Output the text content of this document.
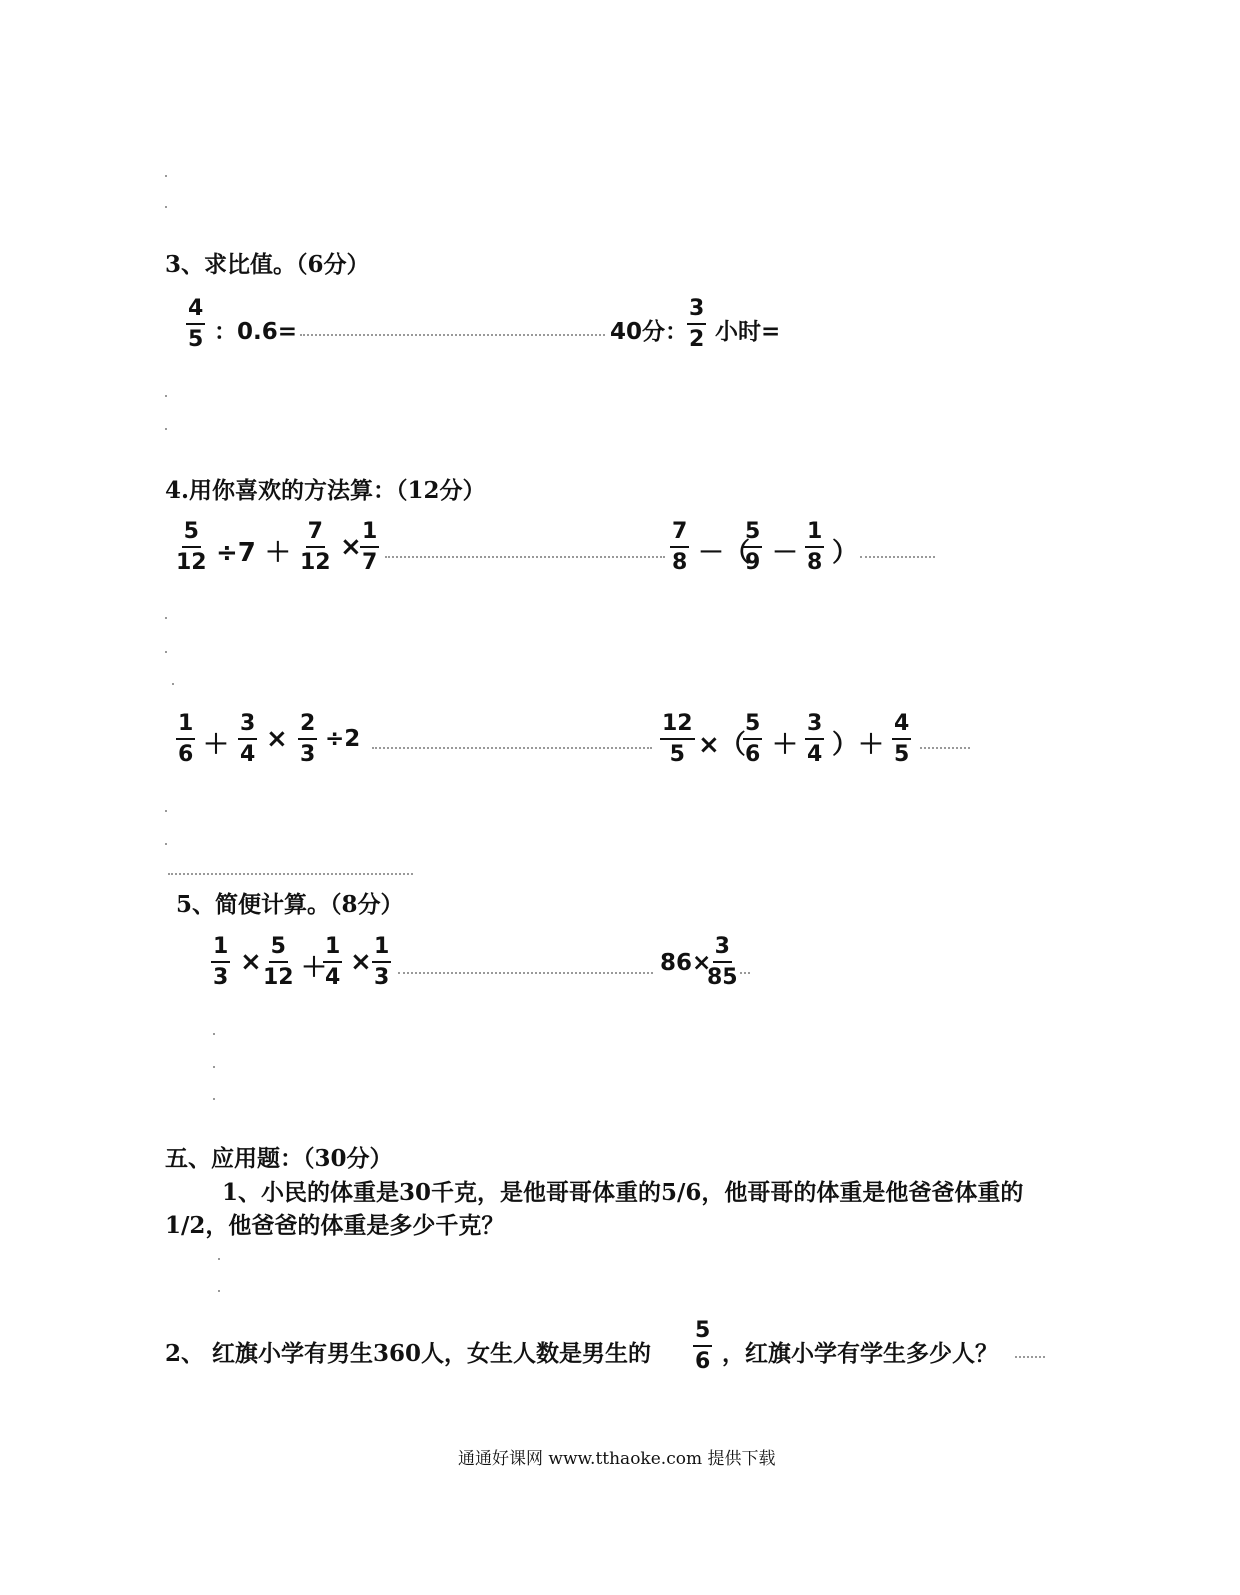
3、求比值。（6分）
$\frac{4}{5}$ ：0.6=	40分：
$\frac{3}{2}$ 小时=
4.用你喜欢的方法算：（12分）
$\frac{5}{12} \div 7 + \frac{7}{12}$ ×
$\frac{1}{7}$	$\frac{7}{8}$ －（
$\frac{5}{9} - \frac{1}{8}$ ）
$\frac{1}{6} + \frac{3}{4} \times \frac{2}{3} \div 2$	$\frac{12}{5}$ ×（
$\frac{5}{6} + \frac{3}{4}$ ）＋ $\frac{4}{5}$
5、简便计算。（8分）
$\frac{1}{3} \times \frac{5}{12}$ ＋
$\frac{1}{4} \times \frac{1}{3}$	86×
$\frac{3}{85}$
五、应用题：（30分）
1、小民的体重是30千克，是他哥哥体重的5/6，他哥哥的体重是他爸爸体重的
1/2，他爸爸的体重是多少千克？
2、 红旗小学有男生360人，女生人数是男生的 $\frac{5}{6}$ ，红旗小学有学生多少人？
通通好课网 www.tthaoke.com 提供下载
